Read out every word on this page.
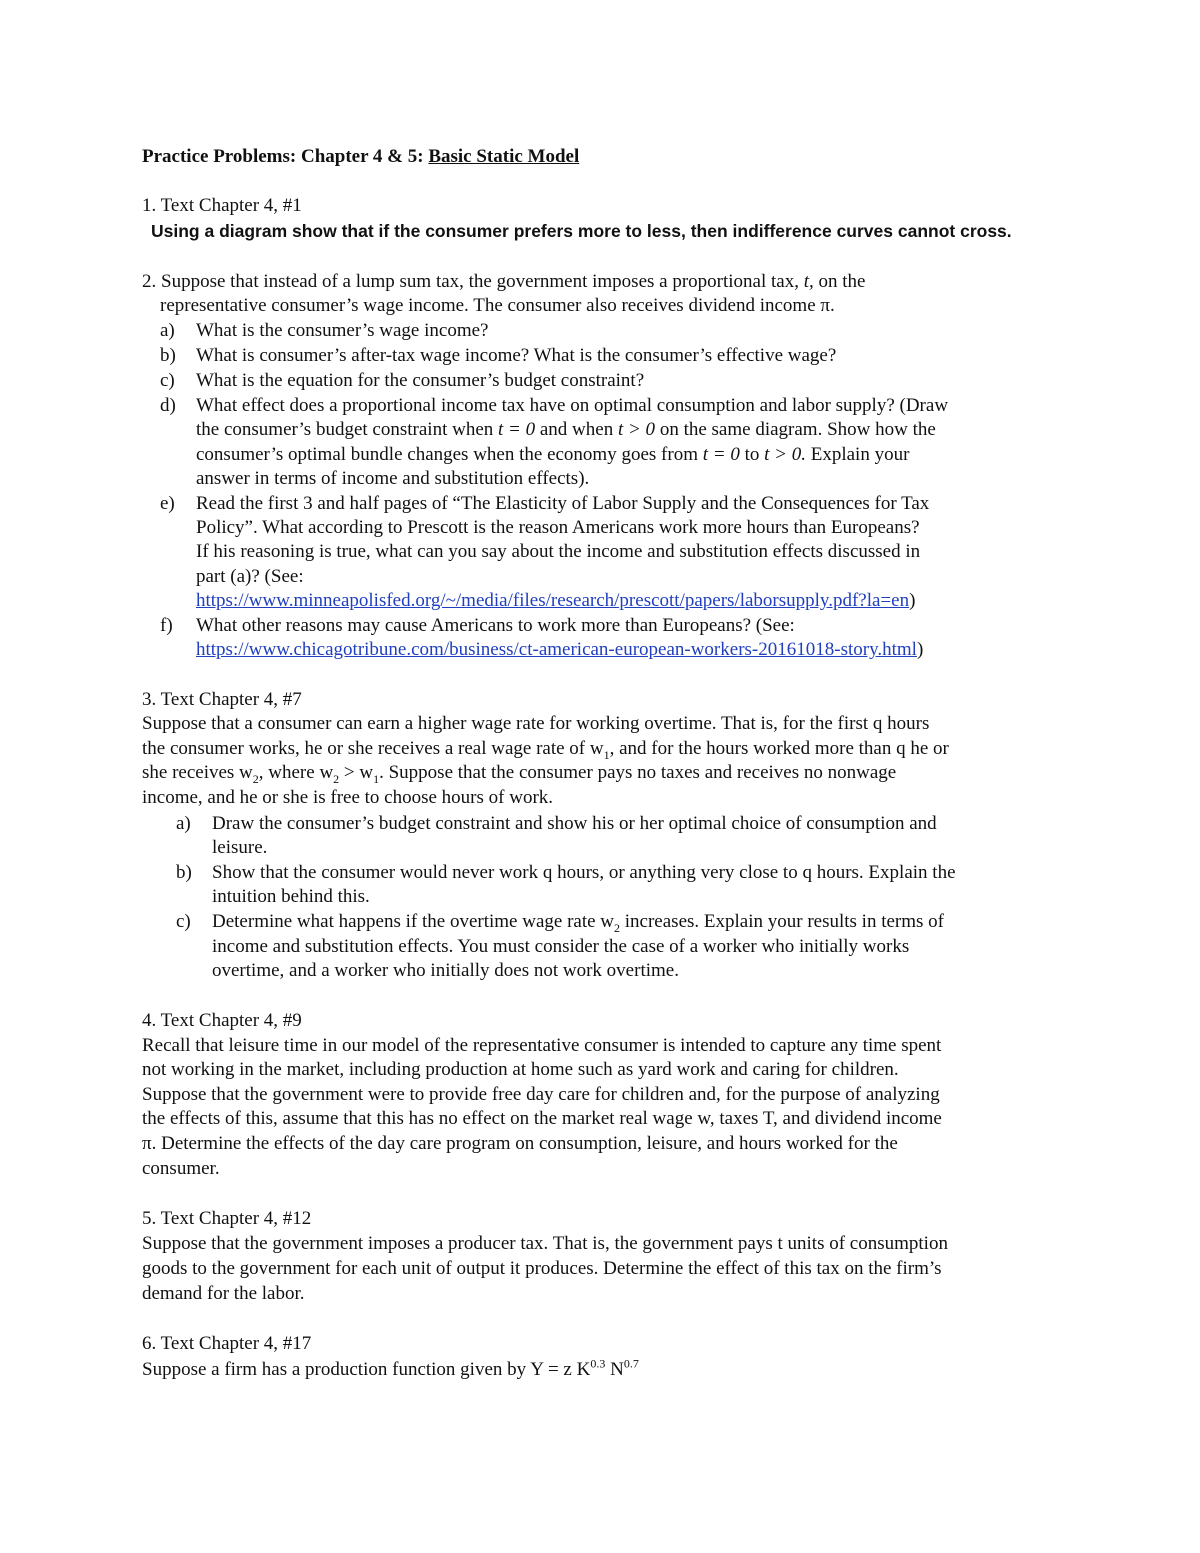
Practice Problems: Chapter 4 & 5: Basic Static Model
1. Text Chapter 4, #1
Using a diagram show that if the consumer prefers more to less, then indifference curves cannot cross.
2. Suppose that instead of a lump sum tax, the government imposes a proportional tax, t, on the
representative consumer’s wage income. The consumer also receives dividend income π.
a) What is the consumer’s wage income?
b) What is consumer’s after-tax wage income? What is the consumer’s effective wage?
c) What is the equation for the consumer’s budget constraint?
d) What effect does a proportional income tax have on optimal consumption and labor supply? (Draw
the consumer’s budget constraint when t = 0 and when t > 0 on the same diagram. Show how the
consumer’s optimal bundle changes when the economy goes from t = 0 to t > 0. Explain your
answer in terms of income and substitution effects).
e) Read the first 3 and half pages of “The Elasticity of Labor Supply and the Consequences for Tax
Policy”. What according to Prescott is the reason Americans work more hours than Europeans?
If his reasoning is true, what can you say about the income and substitution effects discussed in
part (a)? (See:
https://www.minneapolisfed.org/~/media/files/research/prescott/papers/laborsupply.pdf?la=en)
f) What other reasons may cause Americans to work more than Europeans? (See:
https://www.chicagotribune.com/business/ct-american-european-workers-20161018-story.html)
3. Text Chapter 4, #7
Suppose that a consumer can earn a higher wage rate for working overtime. That is, for the first q hours
the consumer works, he or she receives a real wage rate of $w_1$, and for the hours worked more than q he or
she receives $w_2$, where $w_2 > w_1$. Suppose that the consumer pays no taxes and receives no nonwage
income, and he or she is free to choose hours of work.
a) Draw the consumer’s budget constraint and show his or her optimal choice of consumption and
leisure.
b) Show that the consumer would never work q hours, or anything very close to q hours. Explain the
intuition behind this.
c) Determine what happens if the overtime wage rate $w_2$ increases. Explain your results in terms of
income and substitution effects. You must consider the case of a worker who initially works
overtime, and a worker who initially does not work overtime.
4. Text Chapter 4, #9
Recall that leisure time in our model of the representative consumer is intended to capture any time spent
not working in the market, including production at home such as yard work and caring for children.
Suppose that the government were to provide free day care for children and, for the purpose of analyzing
the effects of this, assume that this has no effect on the market real wage w, taxes T, and dividend income
π. Determine the effects of the day care program on consumption, leisure, and hours worked for the
consumer.
5. Text Chapter 4, #12
Suppose that the government imposes a producer tax. That is, the government pays t units of consumption
goods to the government for each unit of output it produces. Determine the effect of this tax on the firm’s
demand for the labor.
6. Text Chapter 4, #17
Suppose a firm has a production function given by Y = z $K^{0.3}$ $N^{0.7}$
